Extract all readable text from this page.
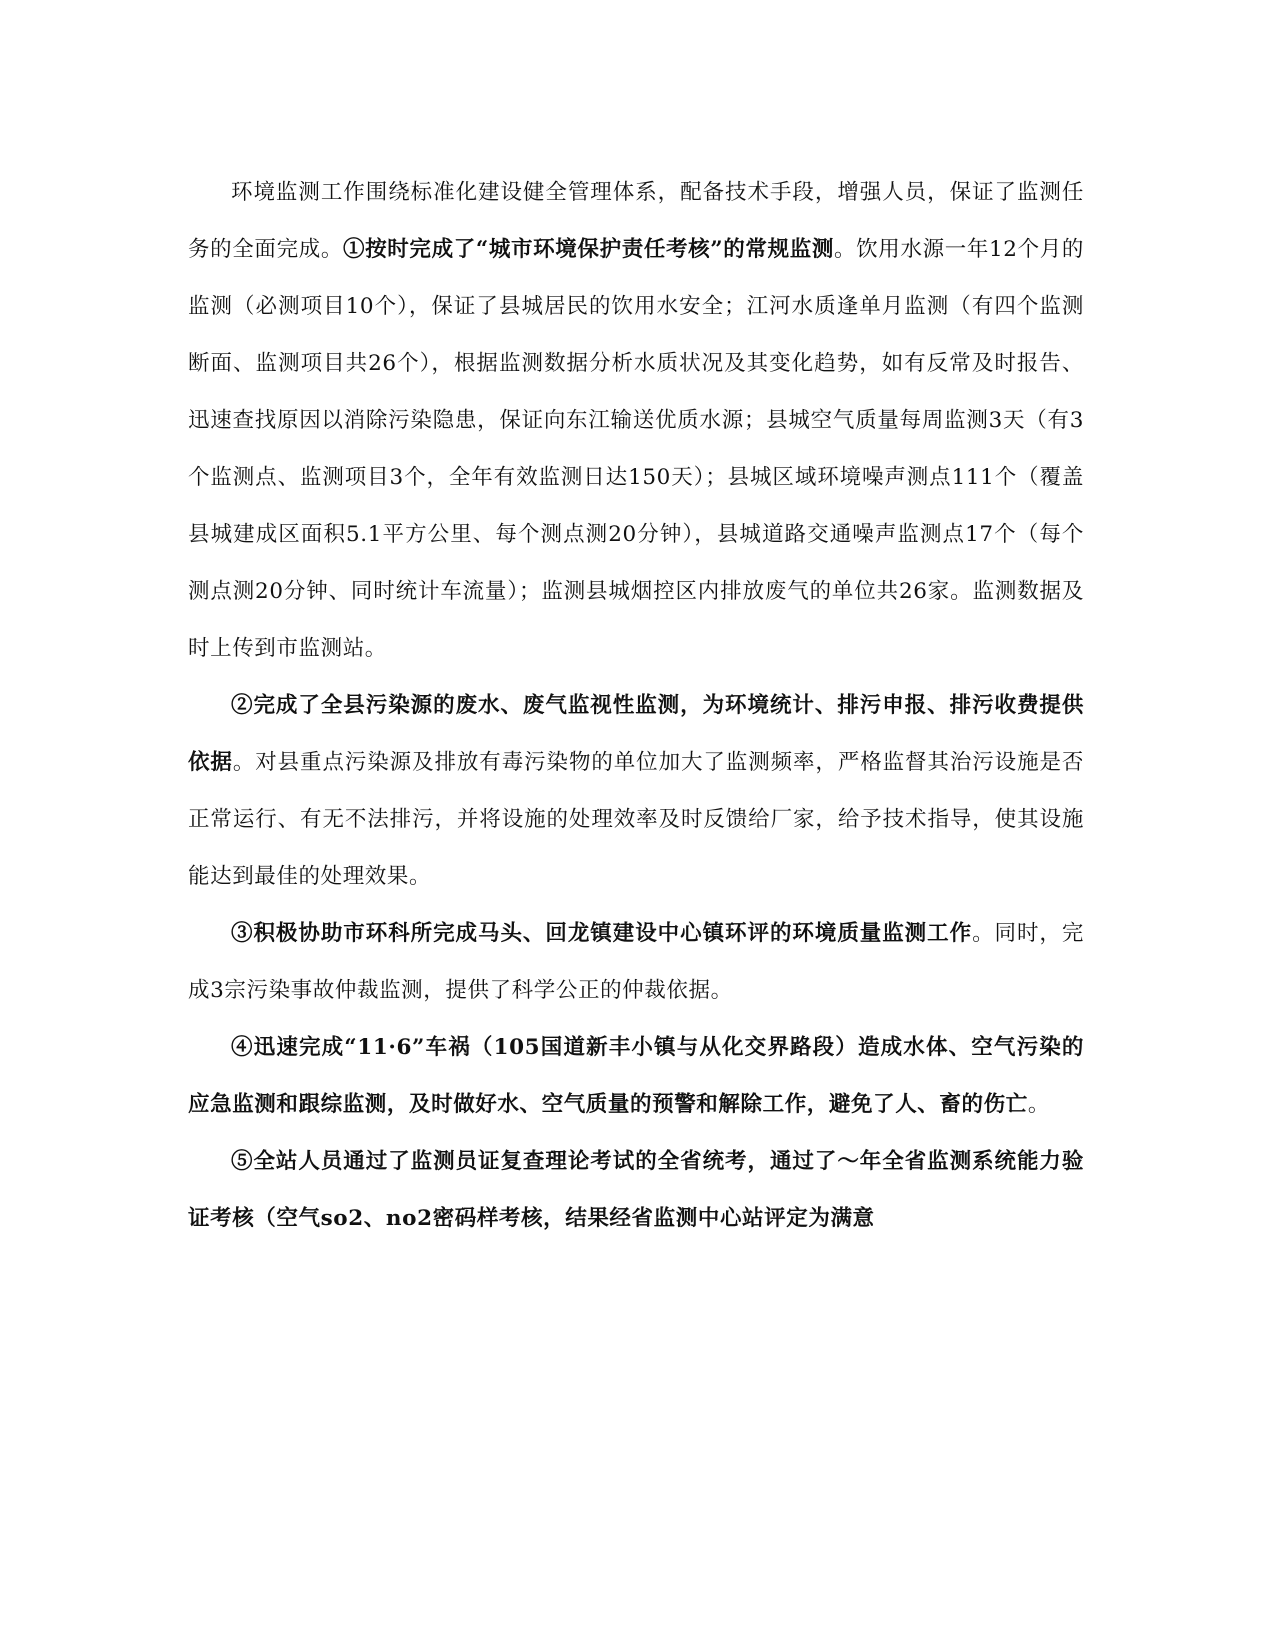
环境监测工作围绕标准化建设健全管理体系，配备技术手段，增强人员，保证了监测任务的全面完成。①按时完成了“城市环境保护责任考核”的常规监测。饮用水源一年12个月的监测（必测项目10个），保证了县城居民的饮用水安全；江河水质逢单月监测（有四个监测断面、监测项目共26个），根据监测数据分析水质状况及其变化趋势，如有反常及时报告、迅速查找原因以消除污染隐患，保证向东江输送优质水源；县城空气质量每周监测3天（有3个监测点、监测项目3个，全年有效监测日达150天）；县城区域环境噪声测点111个（覆盖县城建成区面积5.1平方公里、每个测点测20分钟），县城道路交通噪声监测点17个（每个测点测20分钟、同时统计车流量）；监测县城烟控区内排放废气的单位共26家。监测数据及时上传到市监测站。

②完成了全县污染源的废水、废气监视性监测，为环境统计、排污申报、排污收费提供依据。对县重点污染源及排放有毒污染物的单位加大了监测频率，严格监督其治污设施是否正常运行、有无不法排污，并将设施的处理效率及时反馈给厂家，给予技术指导，使其设施能达到最佳的处理效果。

③积极协助市环科所完成马头、回龙镇建设中心镇环评的环境质量监测工作。同时，完成3宗污染事故仲裁监测，提供了科学公正的仲裁依据。

④迅速完成“11·6”车祸（105国道新丰小镇与从化交界路段）造成水体、空气污染的应急监测和跟综监测，及时做好水、空气质量的预警和解除工作，避免了人、畜的伤亡。

⑤全站人员通过了监测员证复查理论考试的全省统考，通过了～年全省监测系统能力验证考核（空气so2、no2密码样考核，结果经省监测中心站评定为满意
